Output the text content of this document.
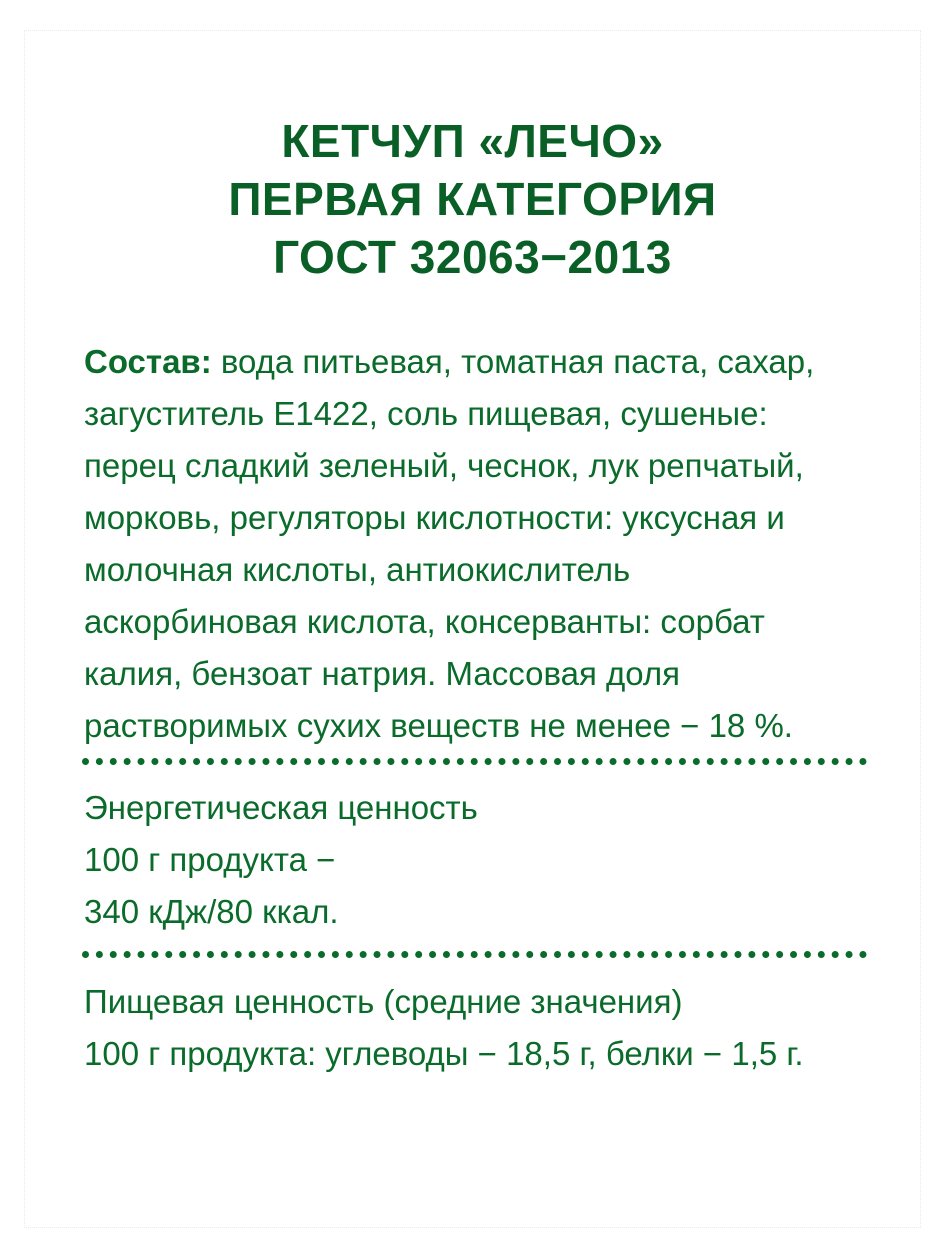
КЕТЧУП «ЛЕЧО»
ПЕРВАЯ КАТЕГОРИЯ
ГОСТ 32063−2013
Состав: вода питьевая, томатная паста, сахар,
загуститель Е1422, соль пищевая, сушеные:
перец сладкий зеленый, чеснок, лук репчатый,
морковь, регуляторы кислотности: уксусная и
молочная кислоты, антиокислитель
аскорбиновая кислота, консерванты: сорбат
калия, бензоат натрия. Массовая доля
растворимых сухих веществ не менее − 18 %.
Энергетическая ценность
100 г продукта −
340 кДж/80 ккал.
Пищевая ценность (средние значения)
100 г продукта: углеводы − 18,5 г, белки − 1,5 г.
